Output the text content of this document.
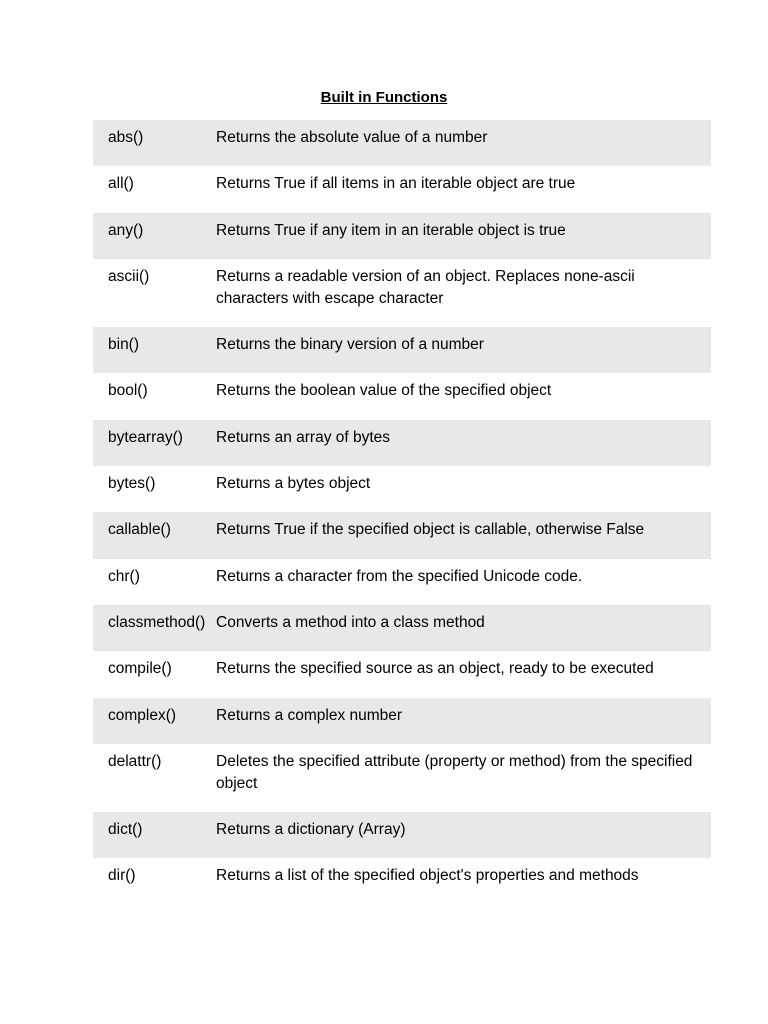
Built in Functions
abs()	Returns the absolute value of a number
all()	Returns True if all items in an iterable object are true
any()	Returns True if any item in an iterable object is true
ascii()	Returns a readable version of an object. Replaces none-ascii characters with escape character
bin()	Returns the binary version of a number
bool()	Returns the boolean value of the specified object
bytearray()	Returns an array of bytes
bytes()	Returns a bytes object
callable()	Returns True if the specified object is callable, otherwise False
chr()	Returns a character from the specified Unicode code.
classmethod() Converts a method into a class method
compile()	Returns the specified source as an object, ready to be executed
complex()	Returns a complex number
delattr()	Deletes the specified attribute (property or method) from the specified object
dict()	Returns a dictionary (Array)
dir()	Returns a list of the specified object's properties and methods
